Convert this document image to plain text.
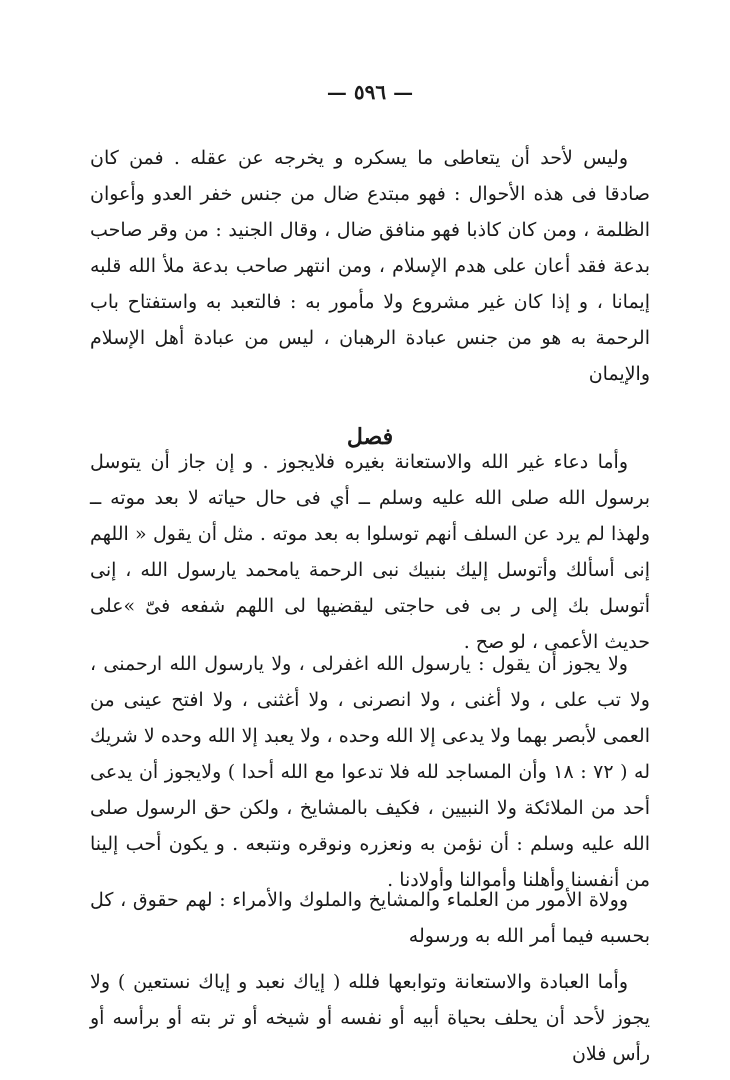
— ٥٩٦ —

وليس لأحد أن يتعاطى ما يسكره و يخرجه عن عقله . فمن كان صادقا فى هذه الأحوال : فهو مبتدع ضال من جنس خفر العدو وأعوان الظلمة ، ومن كان كاذبا فهو منافق ضال ، وقال الجنيد : من وقر صاحب بدعة فقد أعان على هدم الإسلام ، ومن انتهر صاحب بدعة ملأ الله قلبه إيمانا ، و إذا كان غير مشروع ولا مأمور به : فالتعبد به واستفتاح باب الرحمة به هو من جنس عبادة الرهبان ، ليس من عبادة أهل الإسلام والإيمان

فصل

وأما دعاء غير الله والاستعانة بغيره فلايجوز . و إن جاز أن يتوسل برسول الله صلى الله عليه وسلم ــ أي فى حال حياته لا بعد موته ــ ولهذا لم يرد عن السلف أنهم توسلوا به بعد موته . مثل أن يقول « اللهم إنى أسألك وأتوسل إليك بنبيك نبى الرحمة يامحمد يارسول الله ، إنى أتوسل بك إلى ر بى فى حاجتى ليقضيها لى اللهم شفعه فىّ »على حديث الأعمى ، لو صح .

ولا يجوز أن يقول : يارسول الله اغفرلى ، ولا يارسول الله ارحمنى ، ولا تب على ، ولا أغنى ، ولا انصرنى ، ولا أغثنى ، ولا افتح عينى من العمى لأبصر بهما ولا يدعى إلا الله وحده ، ولا يعبد إلا الله وحده لا شريك له ( ٧٢ : ١٨ وأن المساجد لله فلا تدعوا مع الله أحدا ) ولايجوز أن يدعى أحد من الملائكة ولا النبيين ، فكيف بالمشايخ ، ولكن حق الرسول صلى الله عليه وسلم : أن نؤمن به ونعزره ونوقره ونتبعه . و يكون أحب إلينا من أنفسنا وأهلنا وأموالنا وأولادنا .

وولاة الأمور من العلماء والمشايخ والملوك والأمراء : لهم حقوق ، كل بحسبه فيما أمر الله به ورسوله

وأما العبادة والاستعانة وتوابعها فلله ( إياك نعبد و إياك نستعين ) ولا يجوز لأحد أن يحلف بحياة أبيه أو نفسه أو شيخه أو تر بته أو برأسه أو رأس فلان
